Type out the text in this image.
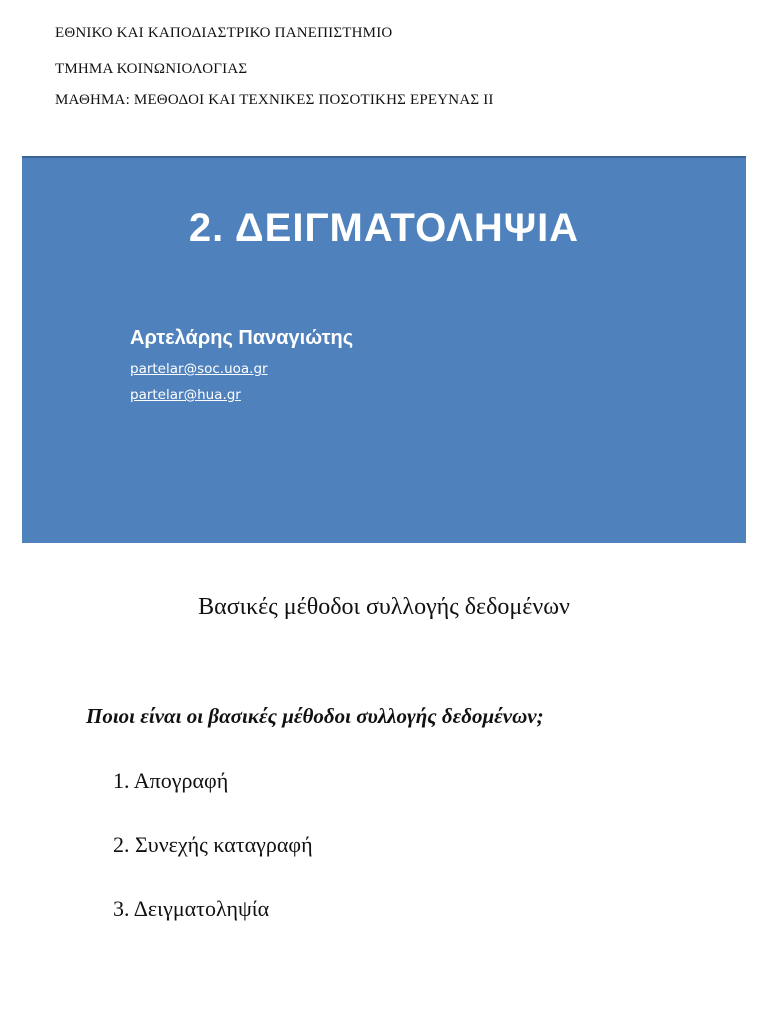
ΕΘΝΙΚΟ ΚΑΙ ΚΑΠΟΔΙΑΣΤΡΙΚΟ ΠΑΝΕΠΙΣΤΗΜΙΟ
ΤΜΗΜΑ ΚΟΙΝΩΝΙΟΛΟΓΙΑΣ
ΜΑΘΗΜΑ: ΜΕΘΟΔΟΙ ΚΑΙ ΤΕΧΝΙΚΕΣ ΠΟΣΟΤΙΚΗΣ ΕΡΕΥΝΑΣ ΙΙ
2. ΔΕΙΓΜΑΤΟΛΗΨΙΑ
Αρτελάρης Παναγιώτης
partelar@soc.uoa.gr
partelar@hua.gr
Βασικές μέθοδοι συλλογής δεδομένων
Ποιοι είναι οι βασικές μέθοδοι συλλογής δεδομένων;
1. Απογραφή
2. Συνεχής καταγραφή
3. Δειγματοληψία
